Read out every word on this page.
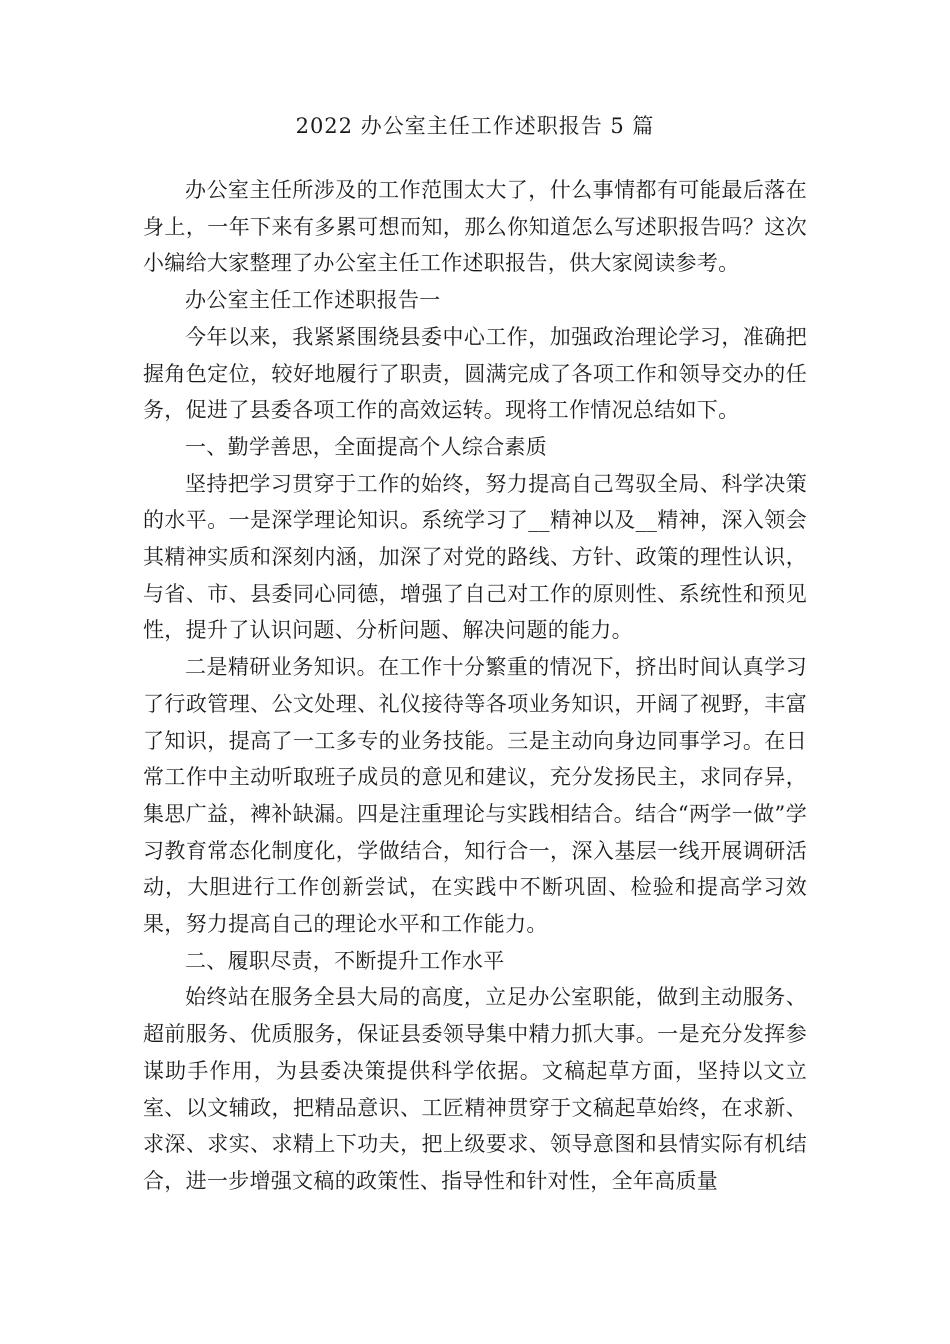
2022 办公室主任工作述职报告 5 篇

办公室主任所涉及的工作范围太大了，什么事情都有可能最后落在身上，一年下来有多累可想而知，那么你知道怎么写述职报告吗？这次小编给大家整理了办公室主任工作述职报告，供大家阅读参考。

办公室主任工作述职报告一

今年以来，我紧紧围绕县委中心工作，加强政治理论学习，准确把握角色定位，较好地履行了职责，圆满完成了各项工作和领导交办的任务，促进了县委各项工作的高效运转。现将工作情况总结如下。

一、勤学善思，全面提高个人综合素质

坚持把学习贯穿于工作的始终，努力提高自己驾驭全局、科学决策的水平。一是深学理论知识。系统学习了__精神以及__精神，深入领会其精神实质和深刻内涵，加深了对党的路线、方针、政策的理性认识，与省、市、县委同心同德，增强了自己对工作的原则性、系统性和预见性，提升了认识问题、分析问题、解决问题的能力。

二是精研业务知识。在工作十分繁重的情况下，挤出时间认真学习了行政管理、公文处理、礼仪接待等各项业务知识，开阔了视野，丰富了知识，提高了一工多专的业务技能。三是主动向身边同事学习。在日常工作中主动听取班子成员的意见和建议，充分发扬民主，求同存异，集思广益，裨补缺漏。四是注重理论与实践相结合。结合“两学一做”学习教育常态化制度化，学做结合，知行合一，深入基层一线开展调研活动，大胆进行工作创新尝试，在实践中不断巩固、检验和提高学习效果，努力提高自己的理论水平和工作能力。

二、履职尽责，不断提升工作水平

始终站在服务全县大局的高度，立足办公室职能，做到主动服务、超前服务、优质服务，保证县委领导集中精力抓大事。一是充分发挥参谋助手作用，为县委决策提供科学依据。文稿起草方面，坚持以文立室、以文辅政，把精品意识、工匠精神贯穿于文稿起草始终，在求新、求深、求实、求精上下功夫，把上级要求、领导意图和县情实际有机结合，进一步增强文稿的政策性、指导性和针对性，全年高质量
